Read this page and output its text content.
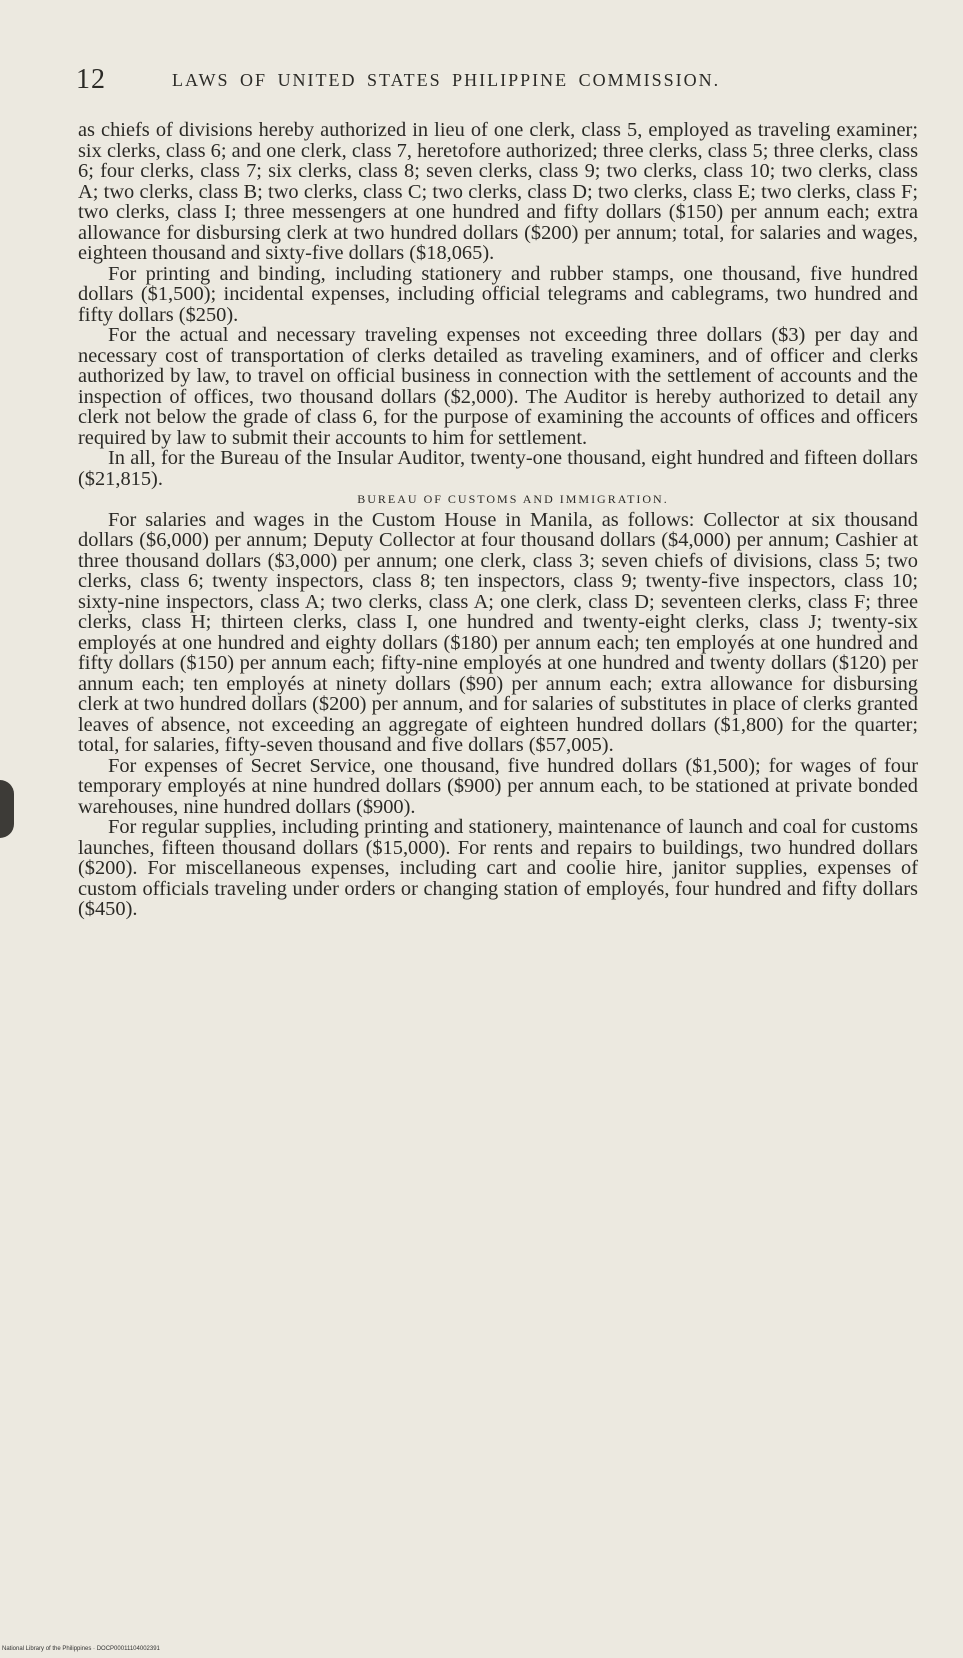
12	LAWS OF UNITED STATES PHILIPPINE COMMISSION.

as chiefs of divisions hereby authorized in lieu of one clerk, class 5, employed as traveling examiner; six clerks, class 6; and one clerk, class 7, heretofore authorized; three clerks, class 5; three clerks, class 6; four clerks, class 7; six clerks, class 8; seven clerks, class 9; two clerks, class 10; two clerks, class A; two clerks, class B; two clerks, class C; two clerks, class D; two clerks, class E; two clerks, class F; two clerks, class I; three messengers at one hundred and fifty dollars ($150) per annum each; extra allowance for disbursing clerk at two hundred dollars ($200) per annum; total, for salaries and wages, eighteen thousand and sixty-five dollars ($18,065).

For printing and binding, including stationery and rubber stamps, one thousand, five hundred dollars ($1,500); incidental expenses, including official telegrams and cablegrams, two hundred and fifty dollars ($250).

For the actual and necessary traveling expenses not exceeding three dollars ($3) per day and necessary cost of transportation of clerks detailed as traveling examiners, and of officer and clerks authorized by law, to travel on official business in connection with the settlement of accounts and the inspection of offices, two thousand dollars ($2,000). The Auditor is hereby authorized to detail any clerk not below the grade of class 6, for the purpose of examining the accounts of offices and officers required by law to submit their accounts to him for settlement.

In all, for the Bureau of the Insular Auditor, twenty-one thousand, eight hundred and fifteen dollars ($21,815).

BUREAU OF CUSTOMS AND IMMIGRATION.

For salaries and wages in the Custom House in Manila, as follows: Collector at six thousand dollars ($6,000) per annum; Deputy Collector at four thousand dollars ($4,000) per annum; Cashier at three thousand dollars ($3,000) per annum; one clerk, class 3; seven chiefs of divisions, class 5; two clerks, class 6; twenty inspectors, class 8; ten inspectors, class 9; twenty-five inspectors, class 10; sixty-nine inspectors, class A; two clerks, class A; one clerk, class D; seventeen clerks, class F; three clerks, class H; thirteen clerks, class I, one hundred and twenty-eight clerks, class J; twenty-six employés at one hundred and eighty dollars ($180) per annum each; ten employés at one hundred and fifty dollars ($150) per annum each; fifty-nine employés at one hundred and twenty dollars ($120) per annum each; ten employés at ninety dollars ($90) per annum each; extra allowance for disbursing clerk at two hundred dollars ($200) per annum, and for salaries of substitutes in place of clerks granted leaves of absence, not exceeding an aggregate of eighteen hundred dollars ($1,800) for the quarter; total, for salaries, fifty-seven thousand and five dollars ($57,005).

For expenses of Secret Service, one thousand, five hundred dollars ($1,500); for wages of four temporary employés at nine hundred dollars ($900) per annum each, to be stationed at private bonded warehouses, nine hundred dollars ($900).

For regular supplies, including printing and stationery, maintenance of launch and coal for customs launches, fifteen thousand dollars ($15,000). For rents and repairs to buildings, two hundred dollars ($200). For miscellaneous expenses, including cart and coolie hire, janitor supplies, expenses of custom officials traveling under orders or changing station of employés, four hundred and fifty dollars ($450).

National Library of the Philippines · DOCP00011104002391
